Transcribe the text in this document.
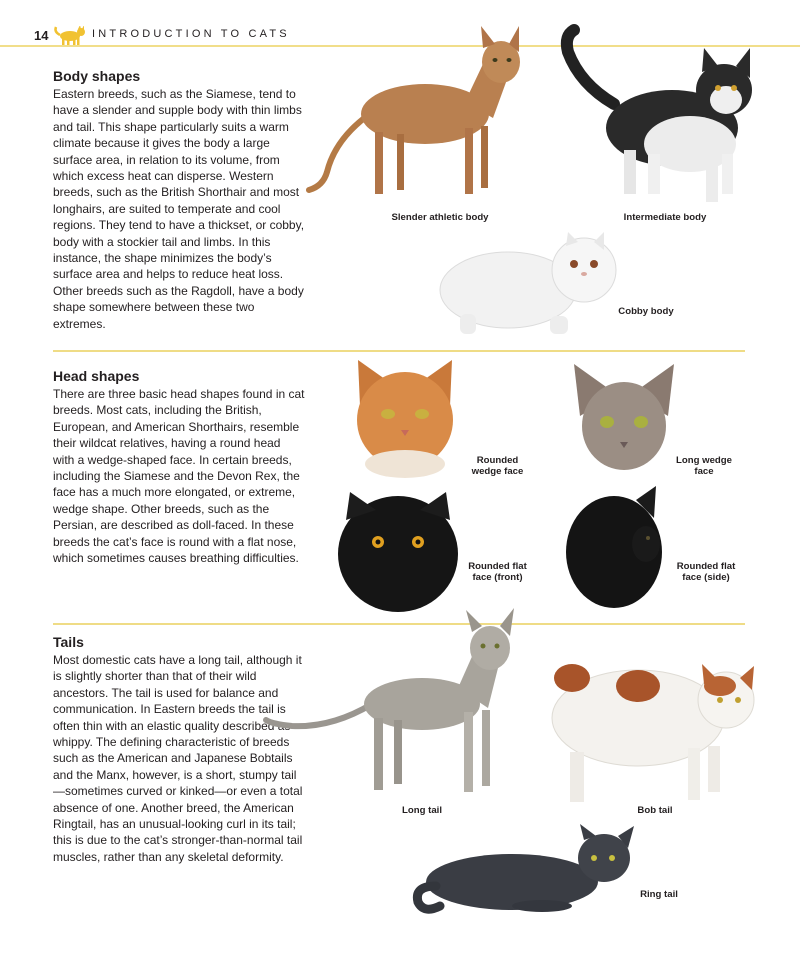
14	INTRODUCTION TO CATS
Body shapes

Eastern breeds, such as the Siamese, tend to have a slender and supple body with thin limbs and tail. This shape particularly suits a warm climate because it gives the body a large surface area, in relation to its volume, from which excess heat can disperse. Western breeds, such as the British Shorthair and most longhairs, are suited to temperate and cool regions. They tend to have a thickset, or cobby, body with a stockier tail and limbs. In this instance, the shape minimizes the body’s surface area and helps to reduce heat loss. Other breeds such as the Ragdoll, have a body shape somewhere between these two extremes.

Slender athletic body	Intermediate body
Cobby body
Head shapes

There are three basic head shapes found in cat breeds. Most cats, including the British, European, and American Shorthairs, resemble their wildcat relatives, having a round head with a wedge-shaped face. In certain breeds, including the Siamese and the Devon Rex, the face has a much more elongated, or extreme, wedge shape. Other breeds, such as the Persian, are described as doll-faced. In these breeds the cat’s face is round with a flat nose, which sometimes causes breathing difficulties.

Rounded
wedge face
Long wedge
face
Rounded flat
face (front)
Rounded flat
face (side)
Tails

Most domestic cats have a long tail, although it is slightly shorter than that of their wild ancestors. The tail is used for balance and communication. In Eastern breeds the tail is often thin with an elastic quality described as whippy. The defining characteristic of breeds such as the American and Japanese Bobtails and the Manx, however, is a short, stumpy tail—sometimes curved or kinked—or even a total absence of one. Another breed, the American Ringtail, has an unusual-looking curl in its tail; this is due to the cat’s stronger-than-normal tail muscles, rather than any skeletal deformity.

Long tail	Bob tail
Ring tail
